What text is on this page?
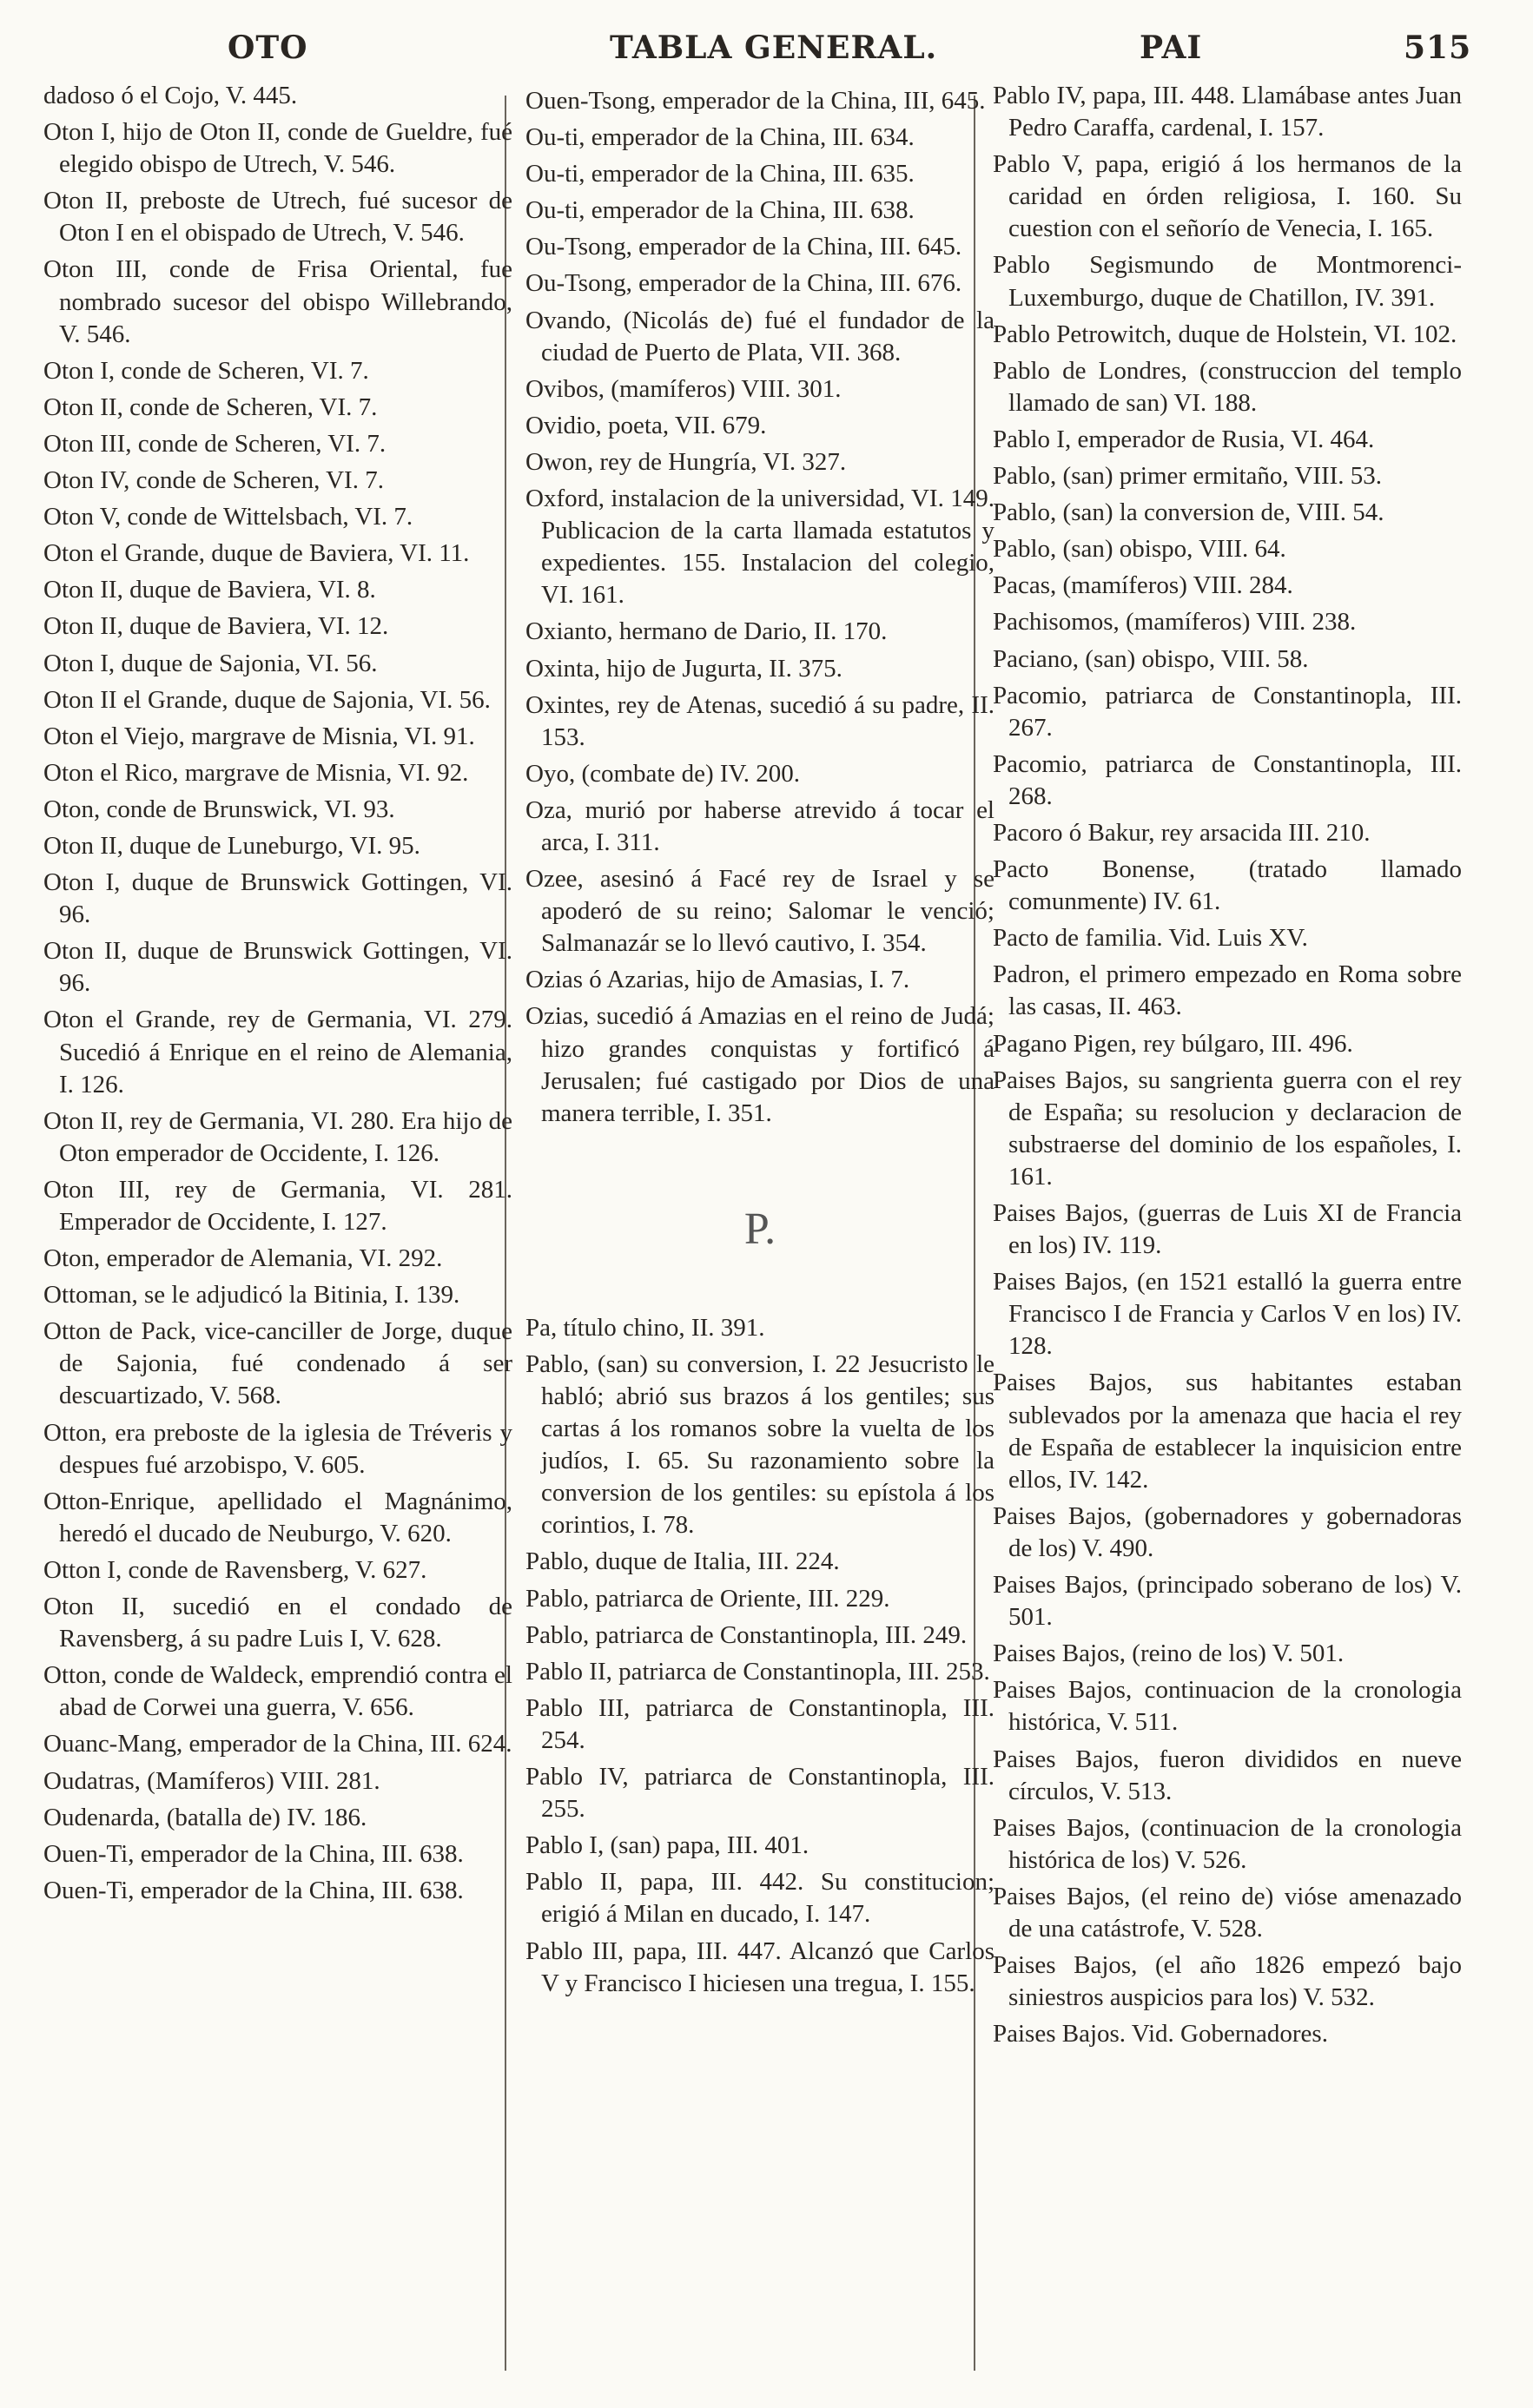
OTO	TABLA GENERAL.	PAI	515

dadoso ó el Cojo, V. 445.

Oton I, hijo de Oton II, conde de Gueldre, fué elegido obispo de Utrech, V. 546.

Oton II, preboste de Utrech, fué sucesor de Oton I en el obispado de Utrech, V. 546.

Oton III, conde de Frisa Oriental, fue nombrado sucesor del obispo Willebrando, V. 546.

Oton I, conde de Scheren, VI. 7.

Oton II, conde de Scheren, VI. 7.

Oton III, conde de Scheren, VI. 7.

Oton IV, conde de Scheren, VI. 7.

Oton V, conde de Wittelsbach, VI. 7.

Oton el Grande, duque de Baviera, VI. 11.

Oton II, duque de Baviera, VI. 8.

Oton II, duque de Baviera, VI. 12.

Oton I, duque de Sajonia, VI. 56.

Oton II el Grande, duque de Sajonia, VI. 56.

Oton el Viejo, margrave de Misnia, VI. 91.

Oton el Rico, margrave de Misnia, VI. 92.

Oton, conde de Brunswick, VI. 93.

Oton II, duque de Luneburgo, VI. 95.

Oton I, duque de Brunswick Gottingen, VI. 96.

Oton II, duque de Brunswick Gottingen, VI. 96.

Oton el Grande, rey de Germania, VI. 279. Sucedió á Enrique en el reino de Alemania, I. 126.

Oton II, rey de Germania, VI. 280. Era hijo de Oton emperador de Occidente, I. 126.

Oton III, rey de Germania, VI. 281. Emperador de Occidente, I. 127.

Oton, emperador de Alemania, VI. 292.

Ottoman, se le adjudicó la Bitinia, I. 139.

Otton de Pack, vice-canciller de Jorge, duque de Sajonia, fué condenado á ser descuartizado, V. 568.

Otton, era preboste de la iglesia de Tréveris y despues fué arzobispo, V. 605.

Otton-Enrique, apellidado el Magnánimo, heredó el ducado de Neuburgo, V. 620.

Otton I, conde de Ravensberg, V. 627.

Oton II, sucedió en el condado de Ravensberg, á su padre Luis I, V. 628.

Otton, conde de Waldeck, emprendió contra el abad de Corwei una guerra, V. 656.

Ouanc-Mang, emperador de la China, III. 624.

Oudatras, (Mamíferos) VIII. 281.

Oudenarda, (batalla de) IV. 186.

Ouen-Ti, emperador de la China, III. 638.

Ouen-Ti, emperador de la China, III. 638.

Ouen-Tsong, emperador de la China, III, 645.

Ou-ti, emperador de la China, III. 634.

Ou-ti, emperador de la China, III. 635.

Ou-ti, emperador de la China, III. 638.

Ou-Tsong, emperador de la China, III. 645.

Ou-Tsong, emperador de la China, III. 676.

Ovando, (Nicolás de) fué el fundador de la ciudad de Puerto de Plata, VII. 368.

Ovibos, (mamíferos) VIII. 301.

Ovidio, poeta, VII. 679.

Owon, rey de Hungría, VI. 327.

Oxford, instalacion de la universidad, VI. 149. Publicacion de la carta llamada estatutos y expedientes. 155. Instalacion del colegio, VI. 161.

Oxianto, hermano de Dario, II. 170.

Oxinta, hijo de Jugurta, II. 375.

Oxintes, rey de Atenas, sucedió á su padre, II. 153.

Oyo, (combate de) IV. 200.

Oza, murió por haberse atrevido á tocar el arca, I. 311.

Ozee, asesinó á Facé rey de Israel y se apoderó de su reino; Salomar le venció; Salmanazár se lo llevó cautivo, I. 354.

Ozias ó Azarias, hijo de Amasias, I. 7.

Ozias, sucedió á Amazias en el reino de Judá; hizo grandes conquistas y fortificó á Jerusalen; fué castigado por Dios de una manera terrible, I. 351.

P.

Pa, título chino, II. 391.

Pablo, (san) su conversion, I. 22 Jesucristo le habló; abrió sus brazos á los gentiles; sus cartas á los romanos sobre la vuelta de los judíos, I. 65. Su razonamiento sobre la conversion de los gentiles: su epístola á los corintios, I. 78.

Pablo, duque de Italia, III. 224.

Pablo, patriarca de Oriente, III. 229.

Pablo, patriarca de Constantinopla, III. 249.

Pablo II, patriarca de Constantinopla, III. 253.

Pablo III, patriarca de Constantinopla, III. 254.

Pablo IV, patriarca de Constantinopla, III. 255.

Pablo I, (san) papa, III. 401.

Pablo II, papa, III. 442. Su constitucion; erigió á Milan en ducado, I. 147.

Pablo III, papa, III. 447. Alcanzó que Carlos V y Francisco I hiciesen una tregua, I. 155.

Pablo IV, papa, III. 448. Llamábase antes Juan Pedro Caraffa, cardenal, I. 157.

Pablo V, papa, erigió á los hermanos de la caridad en órden religiosa, I. 160. Su cuestion con el señorío de Venecia, I. 165.

Pablo Segismundo de Montmorenci-Luxemburgo, duque de Chatillon, IV. 391.

Pablo Petrowitch, duque de Holstein, VI. 102.

Pablo de Londres, (construccion del templo llamado de san) VI. 188.

Pablo I, emperador de Rusia, VI. 464.

Pablo, (san) primer ermitaño, VIII. 53.

Pablo, (san) la conversion de, VIII. 54.

Pablo, (san) obispo, VIII. 64.

Pacas, (mamíferos) VIII. 284.

Pachisomos, (mamíferos) VIII. 238.

Paciano, (san) obispo, VIII. 58.

Pacomio, patriarca de Constantinopla, III. 267.

Pacomio, patriarca de Constantinopla, III. 268.

Pacoro ó Bakur, rey arsacida III. 210.

Pacto Bonense, (tratado llamado comunmente) IV. 61.

Pacto de familia. Vid. Luis XV.

Padron, el primero empezado en Roma sobre las casas, II. 463.

Pagano Pigen, rey búlgaro, III. 496.

Paises Bajos, su sangrienta guerra con el rey de España; su resolucion y declaracion de substraerse del dominio de los españoles, I. 161.

Paises Bajos, (guerras de Luis XI de Francia en los) IV. 119.

Paises Bajos, (en 1521 estalló la guerra entre Francisco I de Francia y Carlos V en los) IV. 128.

Paises Bajos, sus habitantes estaban sublevados por la amenaza que hacia el rey de España de establecer la inquisicion entre ellos, IV. 142.

Paises Bajos, (gobernadores y gobernadoras de los) V. 490.

Paises Bajos, (principado soberano de los) V. 501.

Paises Bajos, (reino de los) V. 501.

Paises Bajos, continuacion de la cronologia histórica, V. 511.

Paises Bajos, fueron divididos en nueve círculos, V. 513.

Paises Bajos, (continuacion de la cronologia histórica de los) V. 526.

Paises Bajos, (el reino de) vióse amenazado de una catástrofe, V. 528.

Paises Bajos, (el año 1826 empezó bajo siniestros auspicios para los) V. 532.

Paises Bajos. Vid. Gobernadores.
